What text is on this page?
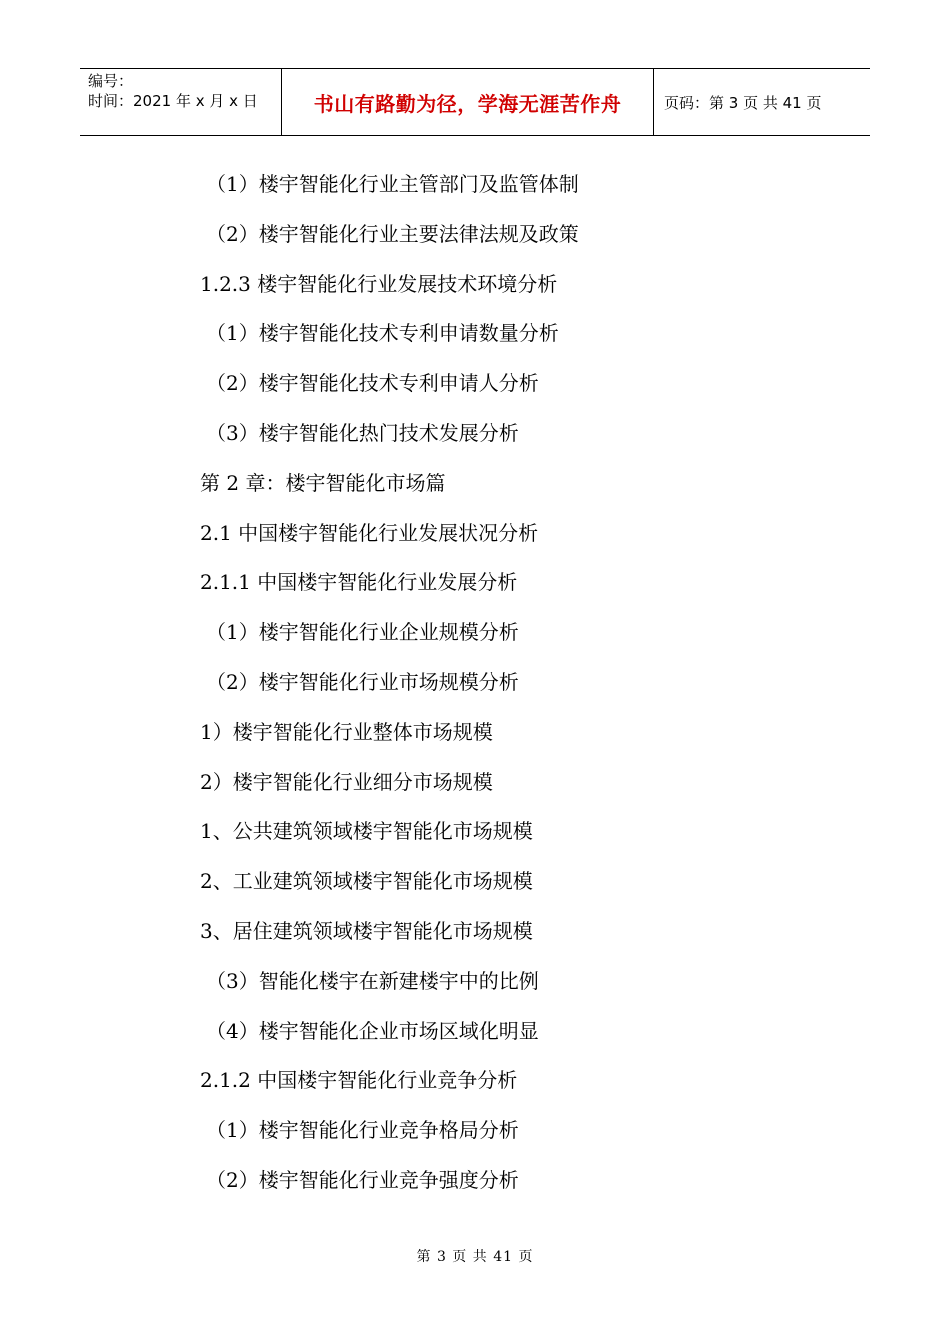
编号：
时间：2021 年 x 月 x 日	书山有路勤为径，学海无涯苦作舟	页码：第 3 页 共 41 页
（1）楼宇智能化行业主管部门及监管体制
（2）楼宇智能化行业主要法律法规及政策
1.2.3 楼宇智能化行业发展技术环境分析
（1）楼宇智能化技术专利申请数量分析
（2）楼宇智能化技术专利申请人分析
（3）楼宇智能化热门技术发展分析
第 2 章：楼宇智能化市场篇
2.1 中国楼宇智能化行业发展状况分析
2.1.1 中国楼宇智能化行业发展分析
（1）楼宇智能化行业企业规模分析
（2）楼宇智能化行业市场规模分析
1）楼宇智能化行业整体市场规模
2）楼宇智能化行业细分市场规模
1、公共建筑领域楼宇智能化市场规模
2、工业建筑领域楼宇智能化市场规模
3、居住建筑领域楼宇智能化市场规模
（3）智能化楼宇在新建楼宇中的比例
（4）楼宇智能化企业市场区域化明显
2.1.2 中国楼宇智能化行业竞争分析
（1）楼宇智能化行业竞争格局分析
（2）楼宇智能化行业竞争强度分析
第 3 页 共 41 页
